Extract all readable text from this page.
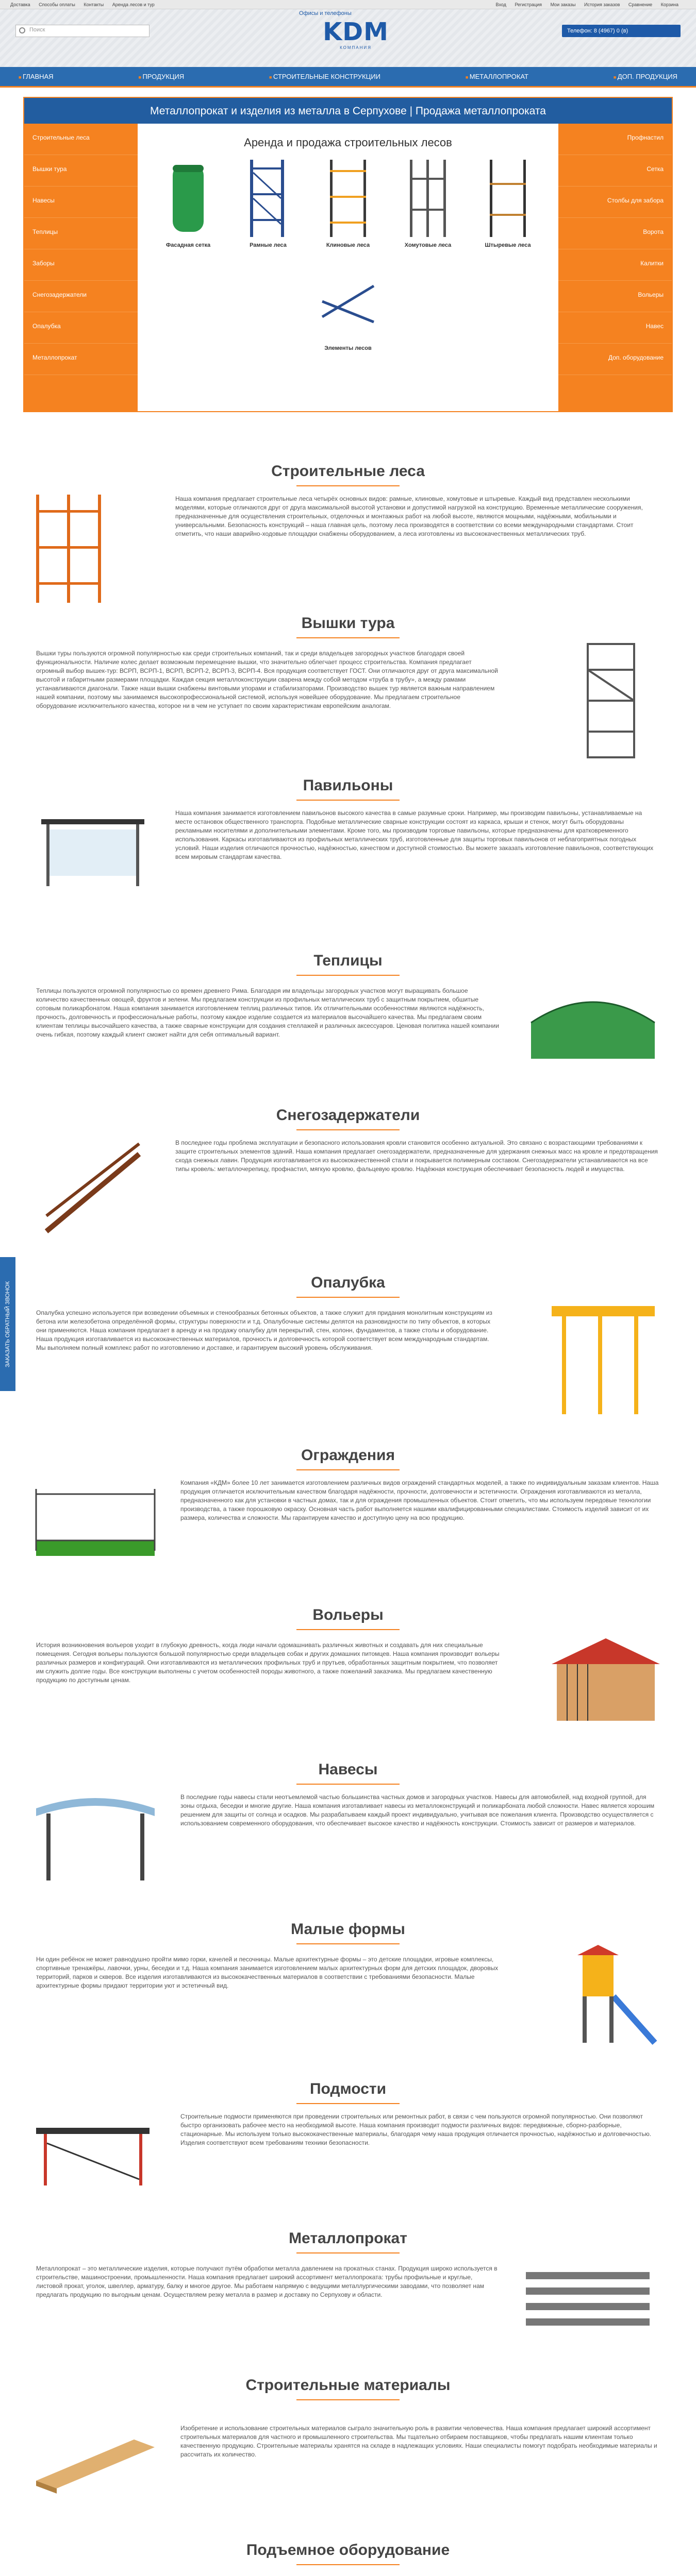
Доставка Способы оплаты Контакты Аренда лесов и тур	Вход Регистрация Мои заказы История заказов Сравнение Корзина
Офисы и телефоны
Поиск	KDM
КОМПАНИЯ
Телефон: 8 (4967) 0 (в)
■ ГЛАВНАЯ	■ ПРОДУКЦИЯ	■ СТРОИТЕЛЬНЫЕ КОНСТРУКЦИИ	■ МЕТАЛЛОПРОКАТ	■ ДОП. ПРОДУКЦИЯ
Металлопрокат и изделия из металла в Серпухове | Продажа металлопроката
Строительные леса
Вышки тура
Навесы
Теплицы
Заборы
Снегозадержатели
Опалубка
Металлопрокат
Аренда и продажа строительных лесов
Фасадная сетка	Рамные леса	Клиновые леса	Хомутовые леса	Штыревые леса
Элементы лесов
Профнастил
Сетка
Столбы для забора
Ворота
Калитки
Вольеры
Навес
Доп. оборудование
ЗАКАЗАТЬ ОБРАТНЫЙ ЗВОНОК
Строительные леса

Наша компания предлагает строительные леса четырёх основных видов: рамные, клиновые, хомутовые и штыревые. Каждый вид представлен несколькими моделями, которые отличаются друг от друга максимальной высотой установки и допустимой нагрузкой на конструкцию. Временные металлические сооружения, предназначенные для осуществления строительных, отделочных и монтажных работ на любой высоте, являются мощными, надёжными, мобильными и универсальными. Безопасность конструкций – наша главная цель, поэтому леса производятся в соответствии со всеми международными стандартами. Стоит отметить, что наши аварийно-ходовые площадки снабжены оборудованием, а леса изготовлены из высококачественных металлических труб.

Вышки тура

Вышки туры пользуются огромной популярностью как среди строительных компаний, так и среди владельцев загородных участков благодаря своей функциональности. Наличие колес делает возможным перемещение вышки, что значительно облегчает процесс строительства. Компания предлагает огромный выбор вышек-тур: ВСРП, ВСРП-1, ВСРП, ВСРП-2, ВСРП-3, ВСРП-4. Вся продукция соответствует ГОСТ. Они отличаются друг от друга максимальной высотой и габаритными размерами площадки. Каждая секция металлоконструкции сварена между собой методом «труба в трубу», а между рамами устанавливаются диагонали. Также наши вышки снабжены винтовыми упорами и стабилизаторами. Производство вышек тур является важным направлением нашей компании, поэтому мы занимаемся высокопрофессиональной системой, используя новейшее оборудование. Мы предлагаем строительное оборудование исключительного качества, которое ни в чем не уступает по своим характеристикам европейским аналогам.

Павильоны

Наша компания занимается изготовлением павильонов высокого качества в самые разумные сроки. Например, мы производим павильоны, устанавливаемые на месте остановок общественного транспорта. Подобные металлические сварные конструкции состоят из каркаса, крыши и стенок, могут быть оборудованы рекламными носителями и дополнительными элементами. Кроме того, мы производим торговые павильоны, которые предназначены для кратковременного использования. Каркасы изготавливаются из профильных металлических труб, изготовленные для защиты торговых павильонов от неблагоприятных погодных условий. Наши изделия отличаются прочностью, надёжностью, качеством и доступной стоимостью. Вы можете заказать изготовление павильонов, соответствующих всем мировым стандартам качества.

Теплицы

Теплицы пользуются огромной популярностью со времен древнего Рима. Благодаря им владельцы загородных участков могут выращивать большое количество качественных овощей, фруктов и зелени. Мы предлагаем конструкции из профильных металлических труб с защитным покрытием, обшитые сотовым поликарбонатом. Наша компания занимается изготовлением теплиц различных типов. Их отличительными особенностями являются надёжность, прочность, долговечность и профессиональные работы, поэтому каждое изделие создается из материалов высочайшего качества. Мы предлагаем своим клиентам теплицы высочайшего качества, а также сварные конструкции для создания стеллажей и различных аксессуаров. Ценовая политика нашей компании очень гибкая, поэтому каждый клиент сможет найти для себя оптимальный вариант.

Снегозадержатели

В последнее годы проблема эксплуатации и безопасного использования кровли становится особенно актуальной. Это связано с возрастающими требованиями к защите строительных элементов зданий. Наша компания предлагает снегозадержатели, предназначенные для удержания снежных масс на кровле и предотвращения схода снежных лавин. Продукция изготавливается из высококачественной стали и покрывается полимерным составом. Снегозадержатели устанавливаются на все типы кровель: металлочерепицу, профнастил, мягкую кровлю, фальцевую кровлю. Надёжная конструкция обеспечивает безопасность людей и имущества.

Опалубка

Опалубка успешно используется при возведении объемных и стенообразных бетонных объектов, а также служит для придания монолитным конструкциям из бетона или железобетона определённой формы, структуры поверхности и т.д. Опалубочные системы делятся на разновидности по типу объектов, в которых они применяются. Наша компания предлагает в аренду и на продажу опалубку для перекрытий, стен, колонн, фундаментов, а также столы и оборудование. Наша продукция изготавливается из высококачественных материалов, прочность и долговечность которой соответствует всем международным стандартам. Мы выполняем полный комплекс работ по изготовлению и доставке, и гарантируем высокий уровень обслуживания.

Ограждения

Компания «КДМ» более 10 лет занимается изготовлением различных видов ограждений стандартных моделей, а также по индивидуальным заказам клиентов. Наша продукция отличается исключительным качеством благодаря надёжности, прочности, долговечности и эстетичности. Ограждения изготавливаются из металла, предназначенного как для установки в частных домах, так и для ограждения промышленных объектов. Стоит отметить, что мы используем передовые технологии производства, а также порошковую окраску. Основная часть работ выполняется нашими квалифицированными специалистами. Стоимость изделий зависит от их размера, количества и сложности. Мы гарантируем качество и доступную цену на всю продукцию.

Вольеры

История возникновения вольеров уходит в глубокую древность, когда люди начали одомашнивать различных животных и создавать для них специальные помещения. Сегодня вольеры пользуются большой популярностью среди владельцев собак и других домашних питомцев. Наша компания производит вольеры различных размеров и конфигураций. Они изготавливаются из металлических профильных труб и прутьев, обработанных защитным покрытием, что позволяет им служить долгие годы. Все конструкции выполнены с учетом особенностей породы животного, а также пожеланий заказчика. Мы предлагаем качественную продукцию по доступным ценам.

Навесы

В последние годы навесы стали неотъемлемой частью большинства частных домов и загородных участков. Навесы для автомобилей, над входной группой, для зоны отдыха, беседки и многие другие. Наша компания изготавливает навесы из металлоконструкций и поликарбоната любой сложности. Навес является хорошим решением для защиты от солнца и осадков. Мы разрабатываем каждый проект индивидуально, учитывая все пожелания клиента. Производство осуществляется с использованием современного оборудования, что обеспечивает высокое качество и надёжность конструкции. Стоимость зависит от размеров и материалов.

Малые формы

Ни один ребёнок не может равнодушно пройти мимо горки, качелей и песочницы. Малые архитектурные формы – это детские площадки, игровые комплексы, спортивные тренажёры, лавочки, урны, беседки и т.д. Наша компания занимается изготовлением малых архитектурных форм для детских площадок, дворовых территорий, парков и скверов. Все изделия изготавливаются из высококачественных материалов в соответствии с требованиями безопасности. Малые архитектурные формы придают территории уют и эстетичный вид.

Подмости

Строительные подмости применяются при проведении строительных или ремонтных работ, в связи с чем пользуются огромной популярностью. Они позволяют быстро организовать рабочее место на необходимой высоте. Наша компания производит подмости различных видов: передвижные, сборно-разборные, стационарные. Мы используем только высококачественные материалы, благодаря чему наша продукция отличается прочностью, надёжностью и долговечностью. Изделия соответствуют всем требованиям техники безопасности.

Металлопрокат

Металлопрокат – это металлические изделия, которые получают путём обработки металла давлением на прокатных станах. Продукция широко используется в строительстве, машиностроении, промышленности. Наша компания предлагает широкий ассортимент металлопроката: трубы профильные и круглые, листовой прокат, уголок, швеллер, арматуру, балку и многое другое. Мы работаем напрямую с ведущими металлургическими заводами, что позволяет нам предлагать продукцию по выгодным ценам. Осуществляем резку металла в размер и доставку по Серпухову и области.

Строительные материалы

Изобретение и использование строительных материалов сыграло значительную роль в развитии человечества. Наша компания предлагает широкий ассортимент строительных материалов для частного и промышленного строительства. Мы тщательно отбираем поставщиков, чтобы предлагать нашим клиентам только качественную продукцию. Строительные материалы хранятся на складе в надлежащих условиях. Наши специалисты помогут подобрать необходимые материалы и рассчитать их количество.

Подъемное оборудование
